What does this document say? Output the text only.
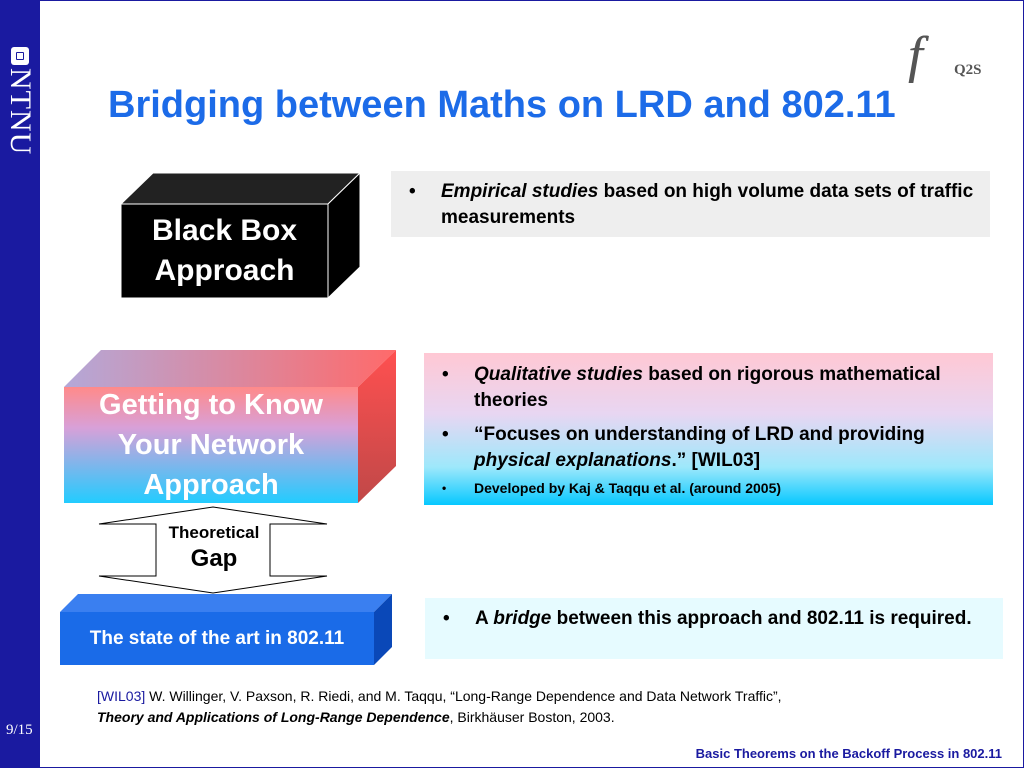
NTNU
9/15
Bridging between Maths on LRD and 802.11
ff	Q2S
Black Box
Approach
Getting to Know
Your Network
Approach
Theoretical
Gap
The state of the art in 802.11
• Empirical studies based on high volume data sets of traffic measurements
• Qualitative studies based on rigorous mathematical theories
• “Focuses on understanding of LRD and providing physical explanations.” [WIL03]
• Developed by Kaj & Taqqu et al. (around 2005)
• A bridge between this approach and 802.11 is required.
[WIL03] W. Willinger, V. Paxson, R. Riedi, and M. Taqqu, “Long-Range Dependence and Data Network Traffic”,
Theory and Applications of Long-Range Dependence, Birkhäuser Boston, 2003.
Basic Theorems on the Backoff Process in 802.11
